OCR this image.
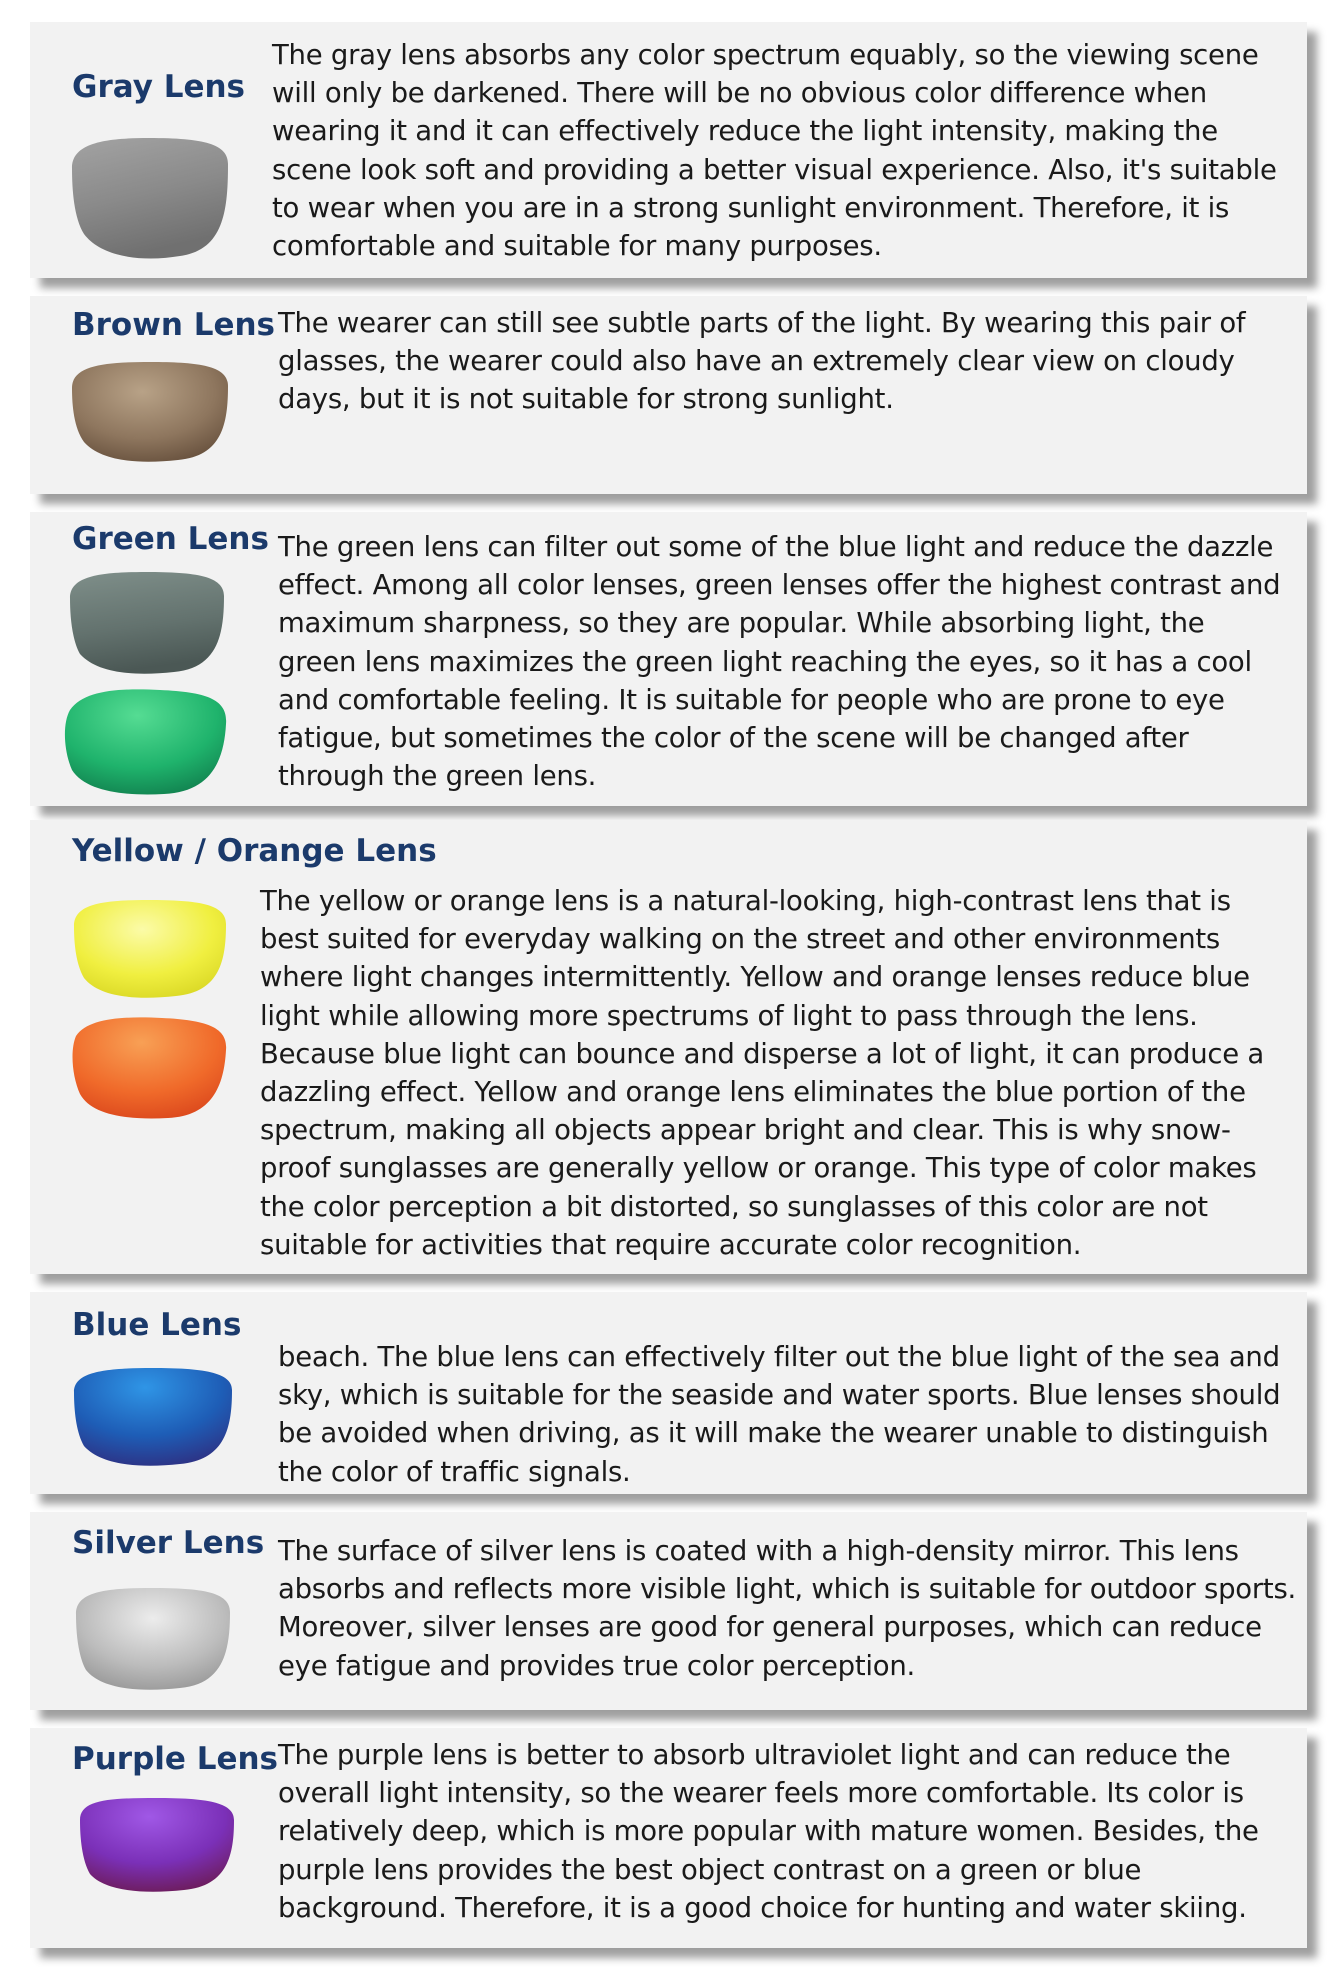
Gray Lens
The gray lens absorbs any color spectrum equably, so the viewing scene will only be darkened. There will be no obvious color difference when wearing it and it can effectively reduce the light intensity, making the scene look soft and providing a better visual experience. Also, it's suitable to wear when you are in a strong sunlight environment. Therefore, it is comfortable and suitable for many purposes.
Brown Lens The wearer can still see subtle parts of the light. By wearing this pair of glasses, the wearer could also have an extremely clear view on cloudy days, but it is not suitable for strong sunlight.
Green Lens The green lens can filter out some of the blue light and reduce the dazzle effect. Among all color lenses, green lenses offer the highest contrast and maximum sharpness, so they are popular. While absorbing light, the green lens maximizes the green light reaching the eyes, so it has a cool and comfortable feeling. It is suitable for people who are prone to eye fatigue, but sometimes the color of the scene will be changed after through the green lens.
Yellow / Orange Lens
The yellow or orange lens is a natural-looking, high-contrast lens that is best suited for everyday walking on the street and other environments where light changes intermittently. Yellow and orange lenses reduce blue light while allowing more spectrums of light to pass through the lens. Because blue light can bounce and disperse a lot of light, it can produce a dazzling effect. Yellow and orange lens eliminates the blue portion of the spectrum, making all objects appear bright and clear. This is why snow-proof sunglasses are generally yellow or orange. This type of color makes the color perception a bit distorted, so sunglasses of this color are not suitable for activities that require accurate color recognition.
Blue Lens
beach. The blue lens can effectively filter out the blue light of the sea and sky, which is suitable for the seaside and water sports. Blue lenses should be avoided when driving, as it will make the wearer unable to distinguish the color of traffic signals.
Silver Lens The surface of silver lens is coated with a high-density mirror. This lens absorbs and reflects more visible light, which is suitable for outdoor sports. Moreover, silver lenses are good for general purposes, which can reduce eye fatigue and provides true color perception.
Purple Lens The purple lens is better to absorb ultraviolet light and can reduce the overall light intensity, so the wearer feels more comfortable. Its color is relatively deep, which is more popular with mature women. Besides, the purple lens provides the best object contrast on a green or blue background. Therefore, it is a good choice for hunting and water skiing.
